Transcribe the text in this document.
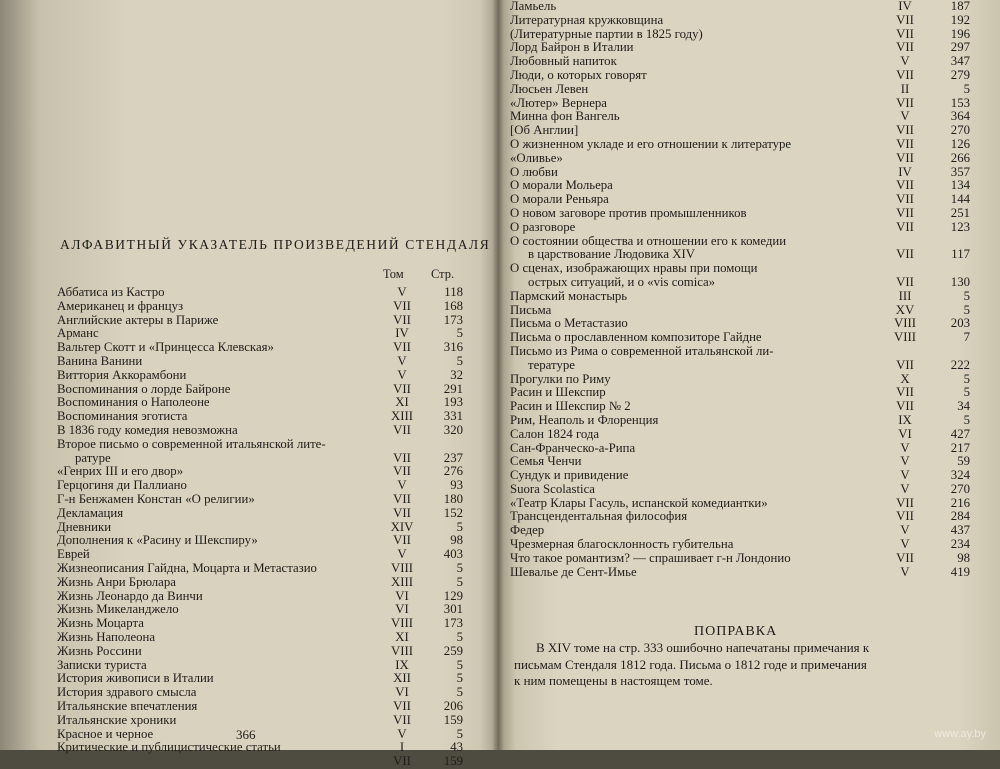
АЛФАВИТНЫЙ УКАЗАТЕЛЬ ПРОИЗВЕДЕНИЙ СТЕНДАЛЯ
Том Стр.
Аббатиса из Кастро	V	118
Американец и француз	VII	168
Английские актеры в Париже	VII	173
Арманс	IV	5
Вальтер Скотт и «Принцесса Клевская»	VII	316
Ванина Ванини	V	5
Виттория Аккорамбони	V	32
Воспоминания о лорде Байроне	VII	291
Воспоминания о Наполеоне	XI	193
Воспоминания эготиста	XIII	331
В 1836 году комедия невозможна	VII	320
Второе письмо о современной итальянской лите-
ратуре	VII	237
«Генрих III и его двор»	VII	276
Герцогиня ди Паллиано	V	93
Г-н Бенжамен Констан «О религии»	VII	180
Декламация	VII	152
Дневники	XIV	5
Дополнения к «Расину и Шекспиру»	VII	98
Еврей	V	403
Жизнеописания Гайдна, Моцарта и Метастазио	VIII	5
Жизнь Анри Брюлара	XIII	5
Жизнь Леонардо да Винчи	VI	129
Жизнь Микеланджело	VI	301
Жизнь Моцарта	VIII	173
Жизнь Наполеона	XI	5
Жизнь Россини	VIII	259
Записки туриста	IX	5
История живописи в Италии	XII	5
История здравого смысла	VI	5
Итальянские впечатления	VII	206
Итальянские хроники	VII	159
Красное и черное	V	5
Критические и публицистические статьи	I	43
VII	159
366
Ламьель	IV	187
Литературная кружковщина	VII	192
(Литературные партии в 1825 году)	VII	196
Лорд Байрон в Италии	VII	297
Любовный напиток	V	347
Люди, о которых говорят	VII	279
Люсьен Левен	II	5
«Лютер» Вернера	VII	153
Минна фон Вангель	V	364
[Об Англии]	VII	270
О жизненном укладе и его отношении к литературе	VII	126
«Оливье»	VII	266
О любви	IV	357
О морали Мольера	VII	134
О морали Реньяра	VII	144
О новом заговоре против промышленников	VII	251
О разговоре	VII	123
О состоянии общества и отношении его к комедии
в царствование Людовика XIV	VII	117
О сценах, изображающих нравы при помощи
острых ситуаций, и о «vis comica»	VII	130
Пармский монастырь	III	5
Письма	XV	5
Письма о Метастазио	VIII	203
Письма о прославленном композиторе Гайдне	VIII	7
Письмо из Рима о современной итальянской ли-
тературе	VII	222
Прогулки по Риму	X	5
Расин и Шекспир	VII	5
Расин и Шекспир № 2	VII	34
Рим, Неаполь и Флоренция	IX	5
Салон 1824 года	VI	427
Сан-Франческо-а-Рипа	V	217
Семья Ченчи	V	59
Сундук и привидение	V	324
Suora Scolastica	V	270
«Театр Клары Гасуль, испанской комедиантки»	VII	216
Трансцендентальная философия	VII	284
Федер	V	437
Чрезмерная благосклонность губительна	V	234
Что такое романтизм? — спрашивает г-н Лондонио	VII	98
Шевалье де Сент-Имье	V	419
ПОПРАВКА
В XIV томе на стр. 333 ошибочно напечатаны примечания к
письмам Стендаля 1812 года. Письма о 1812 годе и примечания
к ним помещены в настоящем томе.
www.ay.by
